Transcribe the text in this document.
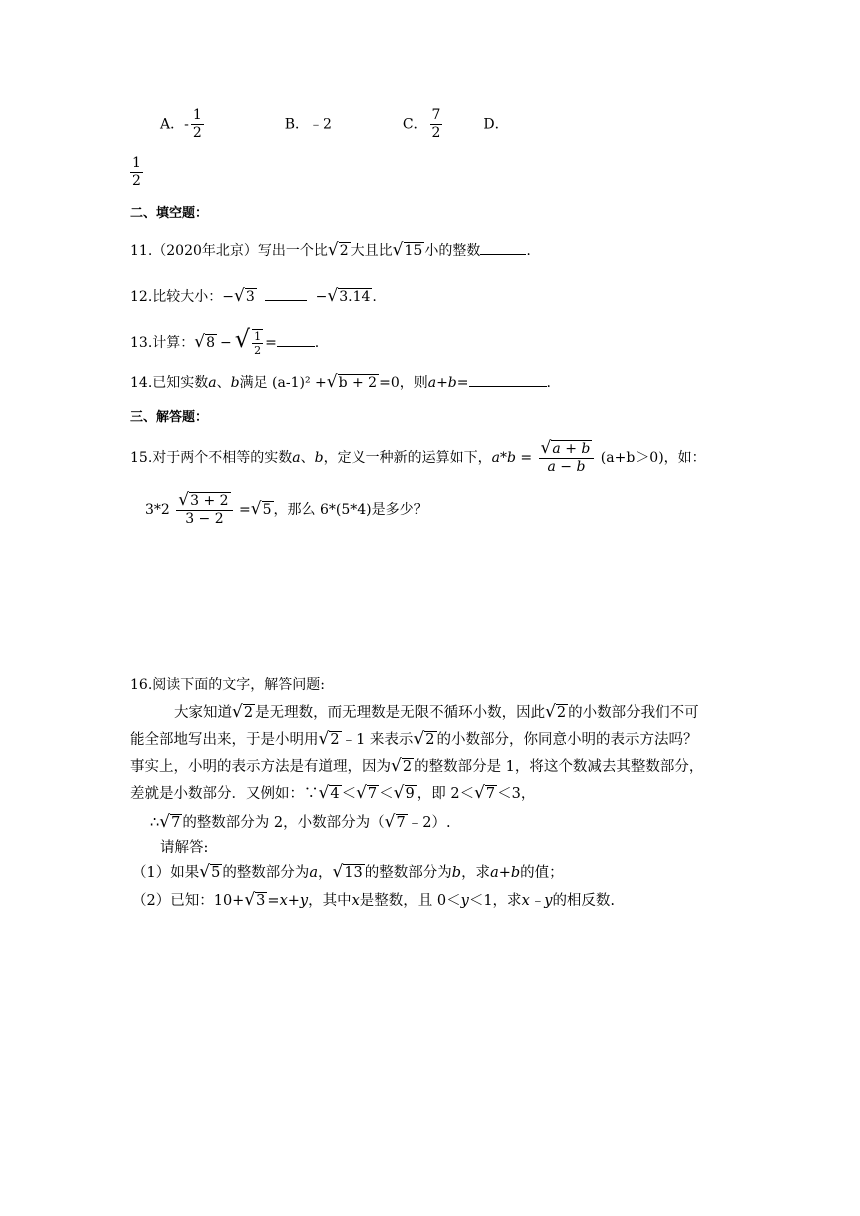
A．- $\frac{1}{2}$	B．﹣2	C． $\frac{7}{2}$	D．
$\frac{1}{2}$
二、填空题：
11.（2020年北京）写出一个比√2 大且比√15 小的整数	.
12.比较大小：−√3	−√3.14 .
13.计算：√8 − √ $\frac{1}{2}$ =	.
14.已知实数a、b满足 (a-1)² +√b + 2 =0，则a+b=	.
三、解答题：
15.对于两个不相等的实数a、b，定义一种新的运算如下，$a*b = \frac{√a + b}{a - b} (a+b>0)$，如：
$3*2 \frac{√3 + 2}{3 - 2} =√5$ ，那么 6*(5*4)是多少？
16.阅读下面的文字，解答问题:
大家知道√2 是无理数，而无理数是无限不循环小数，因此√2 的小数部分我们不可
能全部地写出来，于是小明用√2 ﹣1 来表示√2 的小数部分，你同意小明的表示方法吗？
事实上，小明的表示方法是有道理，因为√2 的整数部分是 1，将这个数减去其整数部分，
差就是小数部分．又例如：∵√4 ＜√7 ＜√9 ，即 2＜√7 ＜3，
∴√7 的整数部分为 2，小数部分为（√7 ﹣2）.
请解答:
（1）如果√5 的整数部分为a，√13 的整数部分为b，求a+b的值；
（2）已知：10+√3 =x+y，其中x是整数，且 0＜y＜1，求x﹣y的相反数.
